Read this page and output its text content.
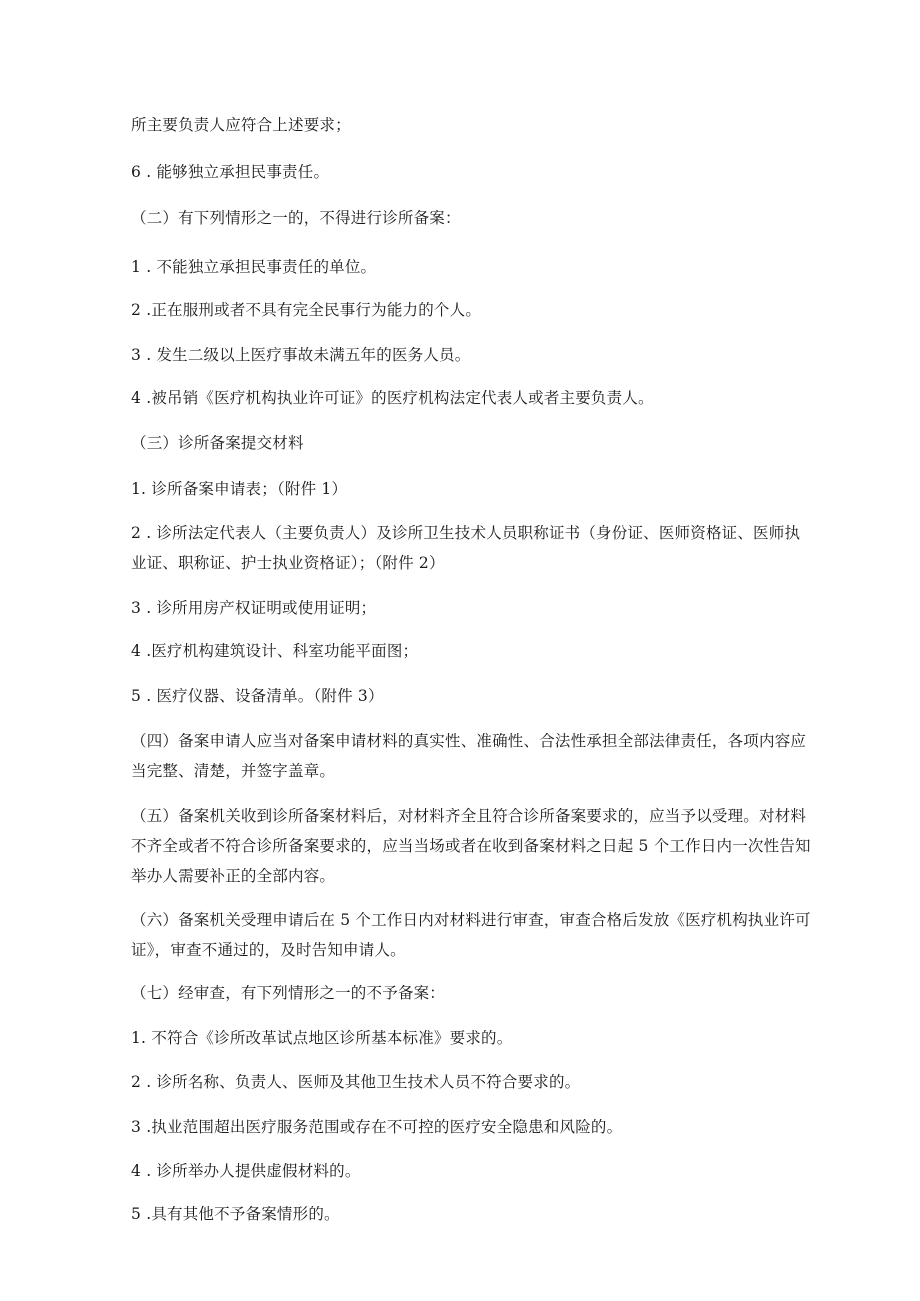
所主要负责人应符合上述要求；

6 . 能够独立承担民事责任。

（二）有下列情形之一的，不得进行诊所备案：

1 . 不能独立承担民事责任的单位。

2 .正在服刑或者不具有完全民事行为能力的个人。

3 . 发生二级以上医疗事故未满五年的医务人员。

4 .被吊销《医疗机构执业许可证》的医疗机构法定代表人或者主要负责人。

（三）诊所备案提交材料

1. 诊所备案申请表；（附件 1）

2 . 诊所法定代表人（主要负责人）及诊所卫生技术人员职称证书（身份证、医师资格证、医师执业证、职称证、护士执业资格证）；（附件 2）

3 . 诊所用房产权证明或使用证明；

4 .医疗机构建筑设计、科室功能平面图；

5 . 医疗仪器、设备清单。（附件 3）

（四）备案申请人应当对备案申请材料的真实性、准确性、合法性承担全部法律责任，各项内容应当完整、清楚，并签字盖章。

（五）备案机关收到诊所备案材料后，对材料齐全且符合诊所备案要求的，应当予以受理。对材料不齐全或者不符合诊所备案要求的，应当当场或者在收到备案材料之日起 5 个工作日内一次性告知举办人需要补正的全部内容。

（六）备案机关受理申请后在 5 个工作日内对材料进行审查，审查合格后发放《医疗机构执业许可证》，审查不通过的，及时告知申请人。

（七）经审查，有下列情形之一的不予备案：

1. 不符合《诊所改革试点地区诊所基本标准》要求的。

2 . 诊所名称、负责人、医师及其他卫生技术人员不符合要求的。

3 .执业范围超出医疗服务范围或存在不可控的医疗安全隐患和风险的。

4 . 诊所举办人提供虚假材料的。

5 .具有其他不予备案情形的。
